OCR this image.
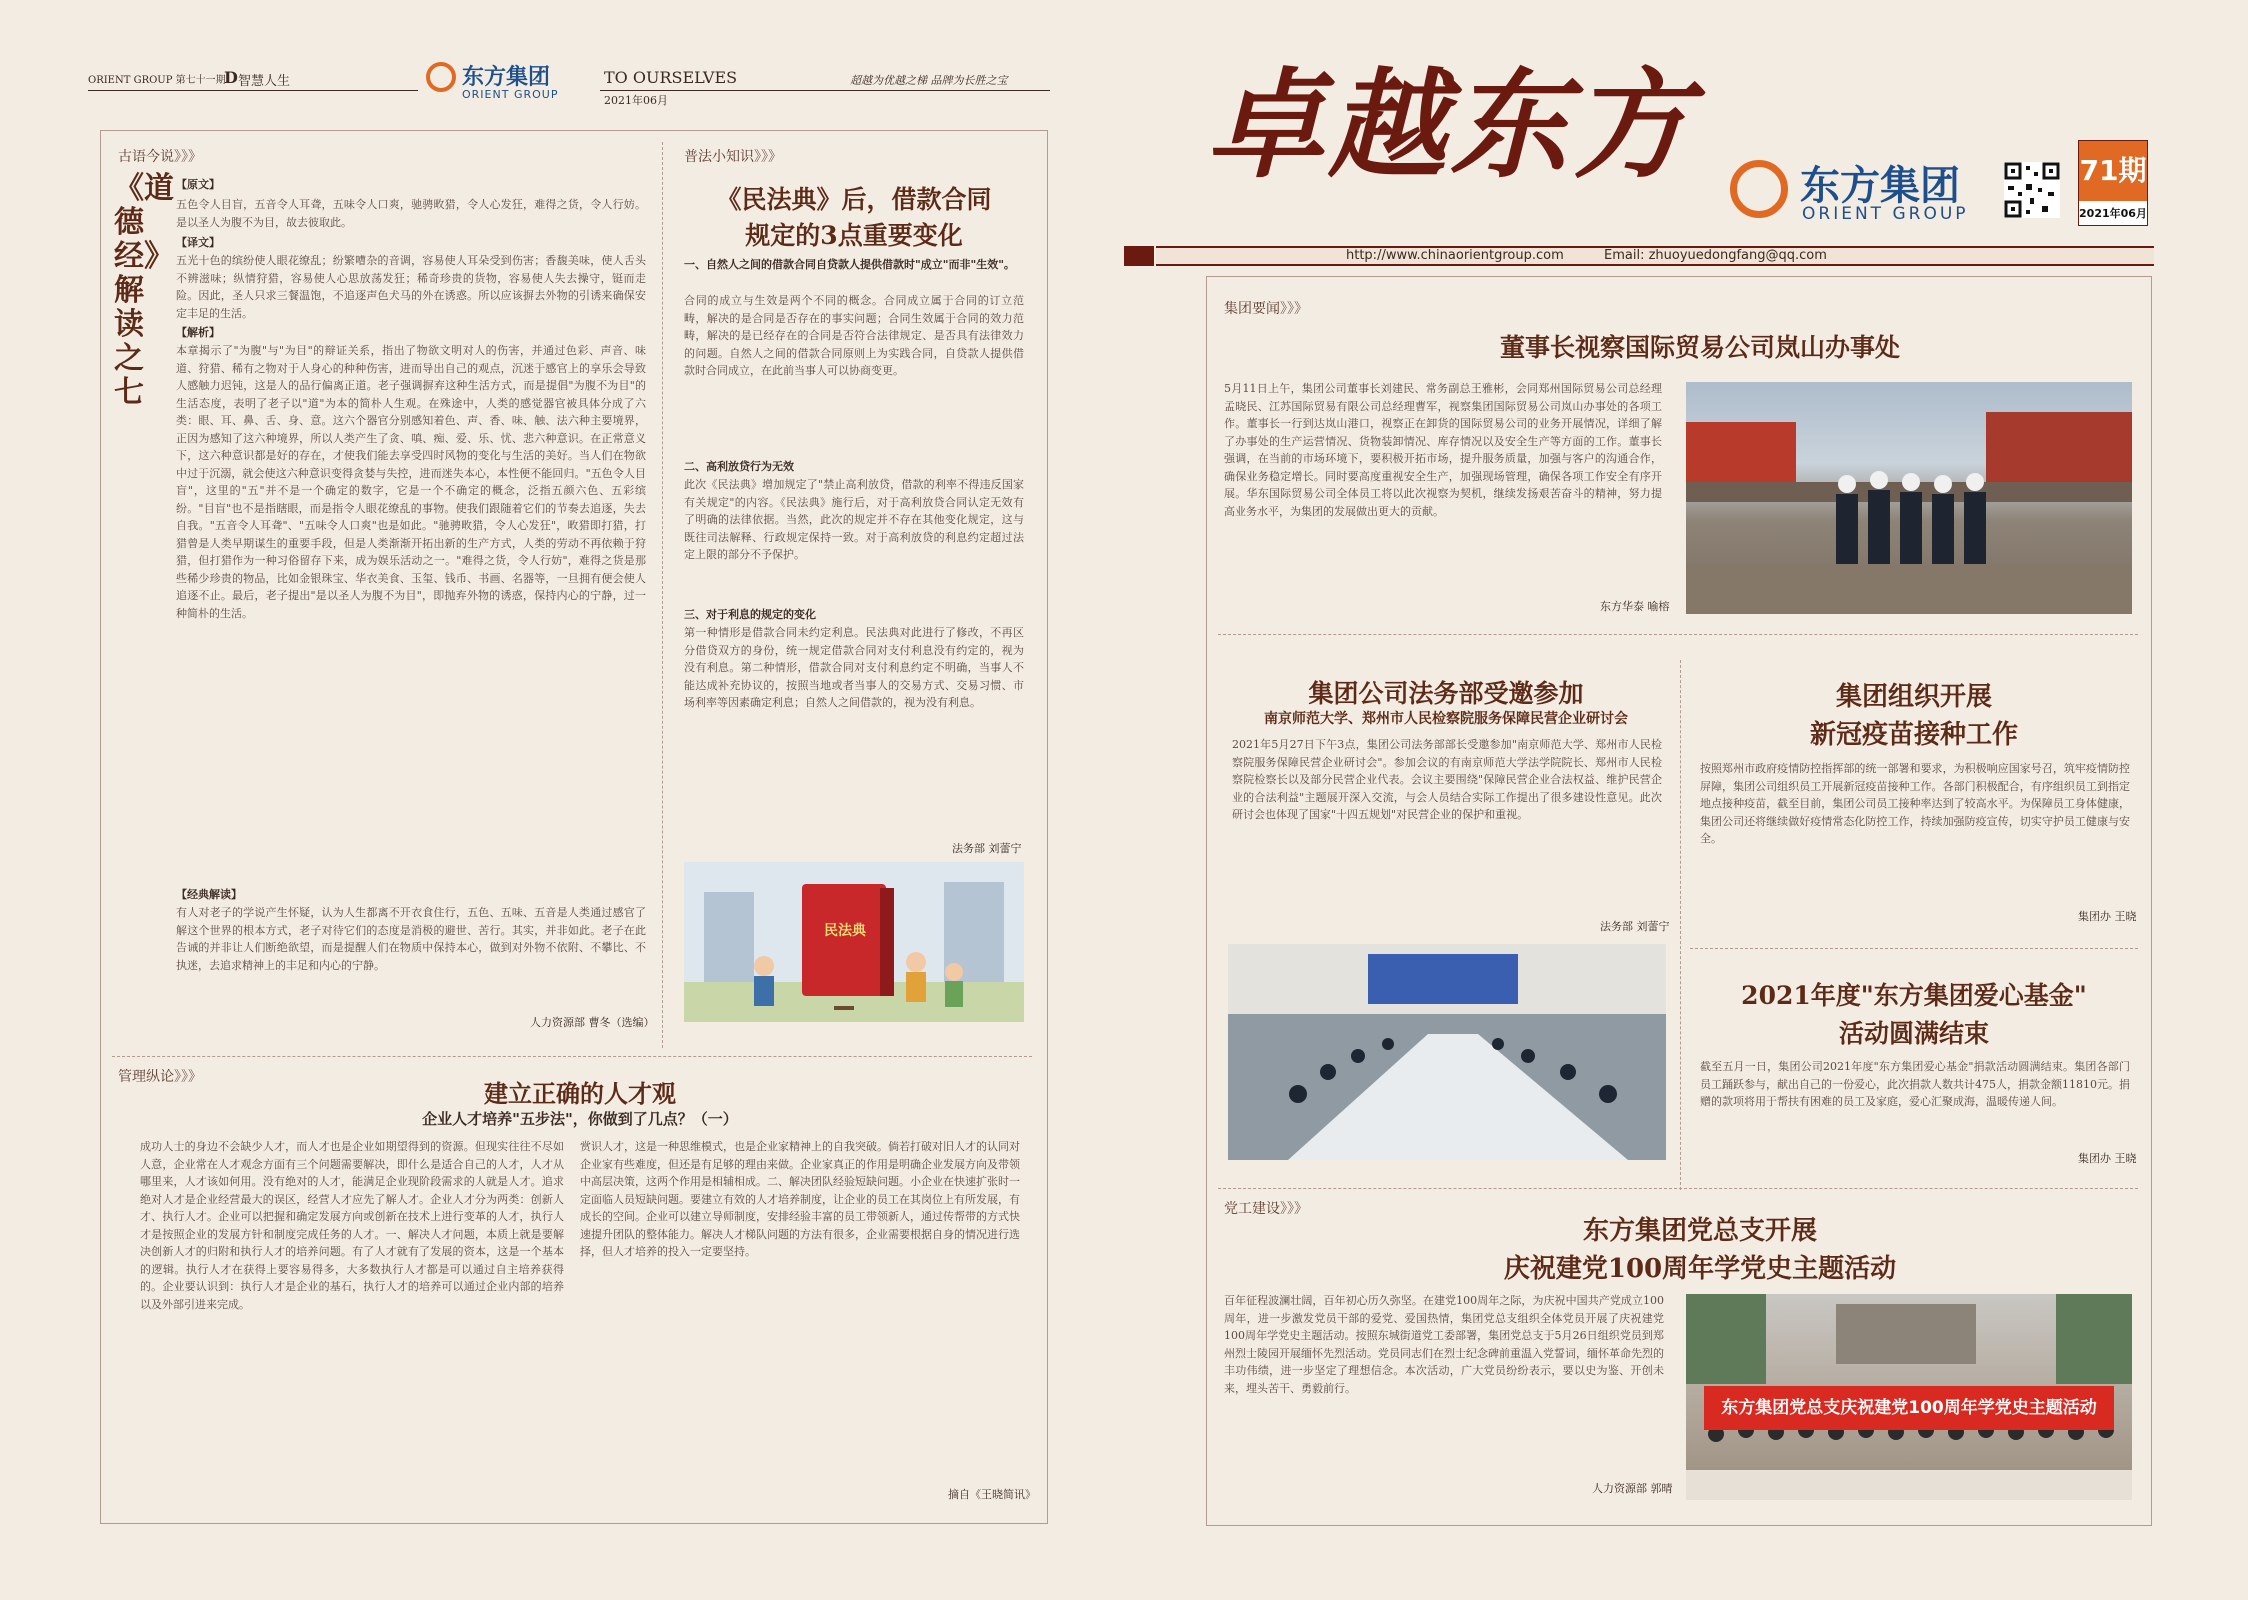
ORIENT GROUP 第七十一期
D 智慧人生	东方集团
ORIENT GROUP
TO OURSELVES
2021年06月
超越为优越之梯 品牌为长胜之宝
古语今说》》》
《道德经》解读之七
【原文】
五色令人目盲，五音令人耳聋，五味令人口爽，驰骋畋猎，令人心发狂，难得之货，令人行妨。是以圣人为腹不为目，故去彼取此。
【译文】
五光十色的缤纷使人眼花缭乱；纷繁嘈杂的音调，容易使人耳朵受到伤害；香馥美味，使人舌头不辨滋味；纵情狩猎，容易使人心思放荡发狂；稀奇珍贵的货物，容易使人失去操守，铤而走险。因此，圣人只求三餐温饱，不追逐声色犬马的外在诱惑。所以应该摒去外物的引诱来确保安定丰足的生活。
【解析】
本章揭示了"为腹"与"为目"的辩证关系，指出了物欲文明对人的伤害，并通过色彩、声音、味道、狩猎、稀有之物对于人身心的种种伤害，进而导出自己的观点，沉迷于感官上的享乐会导致人感触力迟钝，这是人的品行偏离正道。老子强调摒弃这种生活方式，而是提倡"为腹不为目"的生活态度，表明了老子以"道"为本的简朴人生观。在殊途中，人类的感觉器官被具体分成了六类：眼、耳、鼻、舌、身、意。这六个器官分别感知着色、声、香、味、触、法六种主要境界，正因为感知了这六种境界，所以人类产生了贪、嗔、痴、爱、乐、忧、悲六种意识。在正常意义下，这六种意识都是好的存在，才使我们能去享受四时风物的变化与生活的美好。当人们在物欲中过于沉溺，就会使这六种意识变得贪婪与失控，进而迷失本心，本性便不能回归。"五色令人目盲"，这里的"五"并不是一个确定的数字，它是一个不确定的概念，泛指五颜六色、五彩缤纷。"目盲"也不是指瞎眼，而是指令人眼花缭乱的事物。使我们跟随着它们的节奏去追逐，失去自我。"五音令人耳聋"、"五味令人口爽"也是如此。"驰骋畋猎，令人心发狂"，畋猎即打猎，打猎曾是人类早期谋生的重要手段，但是人类渐渐开拓出新的生产方式，人类的劳动不再依赖于狩猎，但打猎作为一种习俗留存下来，成为娱乐活动之一。"难得之货，令人行妨"，难得之货是那些稀少珍贵的物品，比如金银珠宝、华衣美食、玉玺、钱币、书画、名器等，一旦拥有便会使人追逐不止。最后，老子提出"是以圣人为腹不为目"，即抛弃外物的诱惑，保持内心的宁静，过一种简朴的生活。
【经典解读】
有人对老子的学说产生怀疑，认为人生都离不开衣食住行，五色、五味、五音是人类通过感官了解这个世界的根本方式，老子对待它们的态度是消极的避世、苦行。其实，并非如此。老子在此告诫的并非让人们断绝欲望，而是提醒人们在物质中保持本心，做到对外物不依附、不攀比、不执迷，去追求精神上的丰足和内心的宁静。
人力资源部 曹冬（选编）
普法小知识》》》
《民法典》后，借款合同
规定的3点重要变化
一、自然人之间的借款合同自贷款人提供借款时"成立"而非"生效"。
合同的成立与生效是两个不同的概念。合同成立属于合同的订立范畴，解决的是合同是否存在的事实问题；合同生效属于合同的效力范畴，解决的是已经存在的合同是否符合法律规定、是否具有法律效力的问题。自然人之间的借款合同原则上为实践合同，自贷款人提供借款时合同成立，在此前当事人可以协商变更。
二、高利放贷行为无效
此次《民法典》增加规定了"禁止高利放贷，借款的利率不得违反国家有关规定"的内容。《民法典》施行后，对于高利放贷合同认定无效有了明确的法律依据。当然，此次的规定并不存在其他变化规定，这与既往司法解释、行政规定保持一致。对于高利放贷的利息约定超过法定上限的部分不予保护。
三、对于利息的规定的变化
第一种情形是借款合同未约定利息。民法典对此进行了修改，不再区分借贷双方的身份，统一规定借款合同对支付利息没有约定的，视为没有利息。第二种情形，借款合同对支付利息约定不明确，当事人不能达成补充协议的，按照当地或者当事人的交易方式、交易习惯、市场利率等因素确定利息；自然人之间借款的，视为没有利息。
法务部 刘蕾宁
民法典
管理纵论》》》
建立正确的人才观
企业人才培养"五步法"，你做到了几点？（一）
成功人士的身边不会缺少人才，而人才也是企业如期望得到的资源。但现实往往不尽如人意，企业常在人才观念方面有三个问题需要解决，即什么是适合自己的人才，人才从哪里来，人才该如何用。没有绝对的人才，能满足企业现阶段需求的人就是人才。追求绝对人才是企业经营最大的误区，经营人才应先了解人才。企业人才分为两类：创新人才、执行人才。企业可以把握和确定发展方向或创新在技术上进行变革的人才，执行人才是按照企业的发展方针和制度完成任务的人才。一、解决人才问题，本质上就是要解决创新人才的归附和执行人才的培养问题。有了人才就有了发展的资本，这是一个基本的逻辑。执行人才在获得上要容易得多，大多数执行人才都是可以通过自主培养获得的。企业要认识到：执行人才是企业的基石，执行人才的培养可以通过企业内部的培养以及外部引进来完成。
赏识人才，这是一种思维模式，也是企业家精神上的自我突破。倘若打破对旧人才的认同对企业家有些难度，但还是有足够的理由来做。企业家真正的作用是明确企业发展方向及带领中高层决策，这两个作用是相辅相成。二、解决团队经验短缺问题。小企业在快速扩张时一定面临人员短缺问题。要建立有效的人才培养制度，让企业的员工在其岗位上有所发展，有成长的空间。企业可以建立导师制度，安排经验丰富的员工带领新人，通过传帮带的方式快速提升团队的整体能力。解决人才梯队问题的方法有很多，企业需要根据自身的情况进行选择，但人才培养的投入一定要坚持。
摘自《王晓简讯》
卓越东方	东方集团
ORIENT GROUP
71期
2021年06月
http://www.chinaorientgroup.com	Email: zhuoyuedongfang@qq.com
集团要闻》》》
董事长视察国际贸易公司岚山办事处
5月11日上午，集团公司董事长刘建民、常务副总王雅彬，会同郑州国际贸易公司总经理孟晓民、江苏国际贸易有限公司总经理曹军，视察集团国际贸易公司岚山办事处的各项工作。董事长一行到达岚山港口，视察正在卸货的国际贸易公司的业务开展情况，详细了解了办事处的生产运营情况、货物装卸情况、库存情况以及安全生产等方面的工作。董事长强调，在当前的市场环境下，要积极开拓市场，提升服务质量，加强与客户的沟通合作，确保业务稳定增长。同时要高度重视安全生产，加强现场管理，确保各项工作安全有序开展。华东国际贸易公司全体员工将以此次视察为契机，继续发扬艰苦奋斗的精神，努力提高业务水平，为集团的发展做出更大的贡献。
东方华泰 喻榕
集团公司法务部受邀参加
南京师范大学、郑州市人民检察院服务保障民营企业研讨会
2021年5月27日下午3点，集团公司法务部部长受邀参加"南京师范大学、郑州市人民检察院服务保障民营企业研讨会"。参加会议的有南京师范大学法学院院长、郑州市人民检察院检察长以及部分民营企业代表。会议主要围绕"保障民营企业合法权益、维护民营企业的合法利益"主题展开深入交流，与会人员结合实际工作提出了很多建设性意见。此次研讨会也体现了国家"十四五规划"对民营企业的保护和重视。
法务部 刘蕾宁
集团组织开展
新冠疫苗接种工作
按照郑州市政府疫情防控指挥部的统一部署和要求，为积极响应国家号召，筑牢疫情防控屏障，集团公司组织员工开展新冠疫苗接种工作。各部门积极配合，有序组织员工到指定地点接种疫苗，截至目前，集团公司员工接种率达到了较高水平。为保障员工身体健康，集团公司还将继续做好疫情常态化防控工作，持续加强防疫宣传，切实守护员工健康与安全。
集团办 王晓
2021年度"东方集团爱心基金"
活动圆满结束
截至五月一日，集团公司2021年度"东方集团爱心基金"捐款活动圆满结束。集团各部门员工踊跃参与，献出自己的一份爱心，此次捐款人数共计475人，捐款金额11810元。捐赠的款项将用于帮扶有困难的员工及家庭，爱心汇聚成海，温暖传递人间。
集团办 王晓
党工建设》》》
东方集团党总支开展
庆祝建党100周年学党史主题活动
百年征程波澜壮阔，百年初心历久弥坚。在建党100周年之际，为庆祝中国共产党成立100周年，进一步激发党员干部的爱党、爱国热情，集团党总支组织全体党员开展了庆祝建党100周年学党史主题活动。按照东城街道党工委部署，集团党总支于5月26日组织党员到郑州烈士陵园开展缅怀先烈活动。党员同志们在烈士纪念碑前重温入党誓词，缅怀革命先烈的丰功伟绩，进一步坚定了理想信念。本次活动，广大党员纷纷表示，要以史为鉴、开创未来，埋头苦干、勇毅前行。
人力资源部 郭晴
东方集团党总支庆祝建党100周年学党史主题活动
